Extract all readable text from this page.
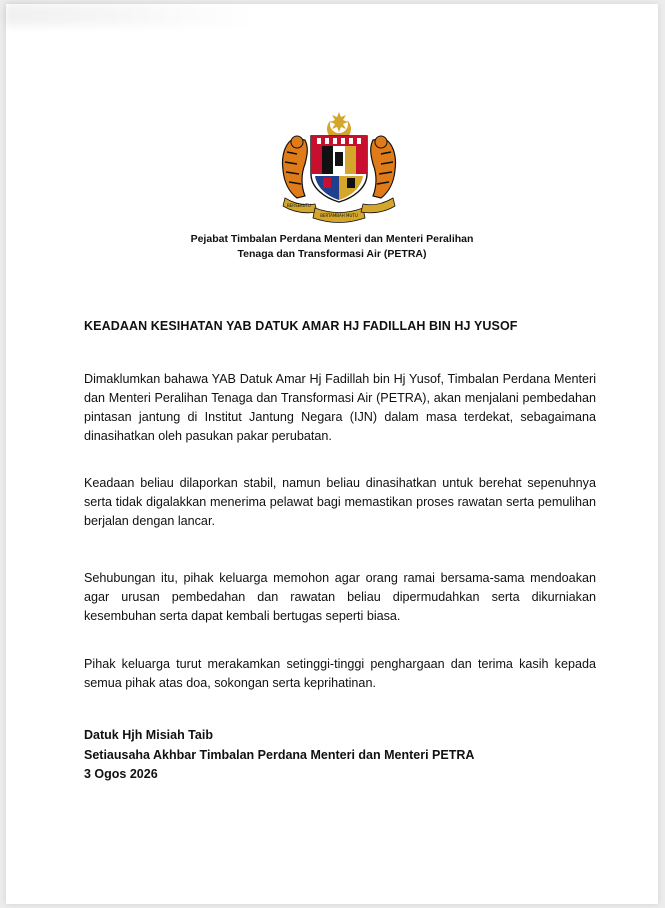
BERSEKUTU
BERTAMBAH MUTU
Pejabat Timbalan Perdana Menteri dan Menteri Peralihan
Tenaga dan Transformasi Air (PETRA)
KEADAAN KESIHATAN YAB DATUK AMAR HJ FADILLAH BIN HJ YUSOF

Dimaklumkan bahawa YAB Datuk Amar Hj Fadillah bin Hj Yusof, Timbalan Perdana Menteri dan Menteri Peralihan Tenaga dan Transformasi Air (PETRA), akan menjalani pembedahan pintasan jantung di Institut Jantung Negara (IJN) dalam masa terdekat, sebagaimana dinasihatkan oleh pasukan pakar perubatan.

Keadaan beliau dilaporkan stabil, namun beliau dinasihatkan untuk berehat sepenuhnya serta tidak digalakkan menerima pelawat bagi memastikan proses rawatan serta pemulihan berjalan dengan lancar.

Sehubungan itu, pihak keluarga memohon agar orang ramai bersama-sama mendoakan agar urusan pembedahan dan rawatan beliau dipermudahkan serta dikurniakan kesembuhan serta dapat kembali bertugas seperti biasa.

Pihak keluarga turut merakamkan setinggi-tinggi penghargaan dan terima kasih kepada semua pihak atas doa, sokongan serta keprihatinan.

Datuk Hjh Misiah Taib
Setiausaha Akhbar Timbalan Perdana Menteri dan Menteri PETRA
3 Ogos 2026
